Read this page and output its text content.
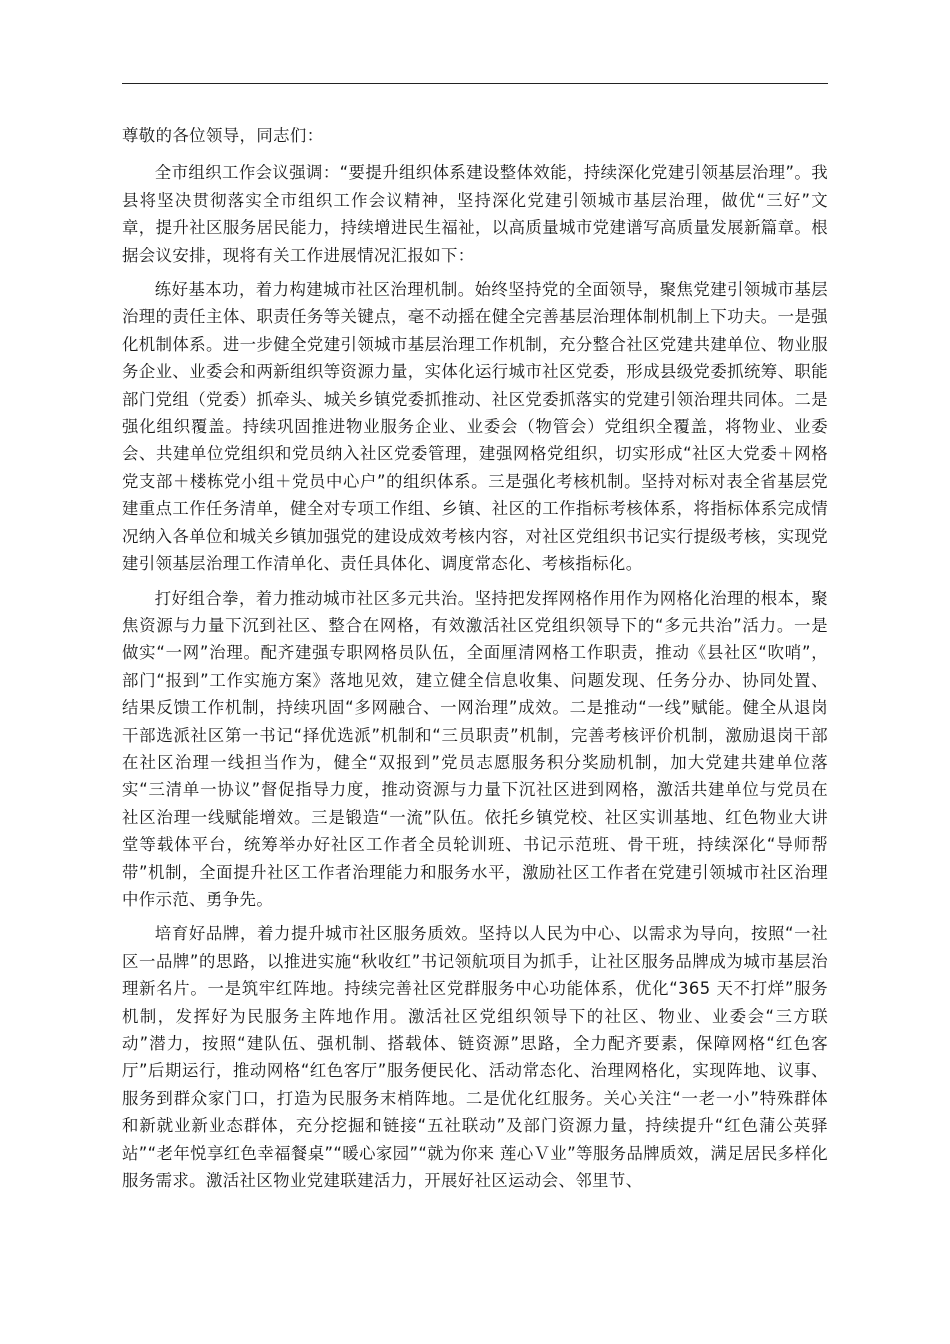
尊敬的各位领导，同志们：

全市组织工作会议强调：“要提升组织体系建设整体效能，持续深化党建引领基层治理”。我县将坚决贯彻落实全市组织工作会议精神，坚持深化党建引领城市基层治理，做优“三好”文章，提升社区服务居民能力，持续增进民生福祉，以高质量城市党建谱写高质量发展新篇章。根据会议安排，现将有关工作进展情况汇报如下：

练好基本功，着力构建城市社区治理机制。始终坚持党的全面领导，聚焦党建引领城市基层治理的责任主体、职责任务等关键点，毫不动摇在健全完善基层治理体制机制上下功夫。一是强化机制体系。进一步健全党建引领城市基层治理工作机制，充分整合社区党建共建单位、物业服务企业、业委会和两新组织等资源力量，实体化运行城市社区党委，形成县级党委抓统筹、职能部门党组（党委）抓牵头、城关乡镇党委抓推动、社区党委抓落实的党建引领治理共同体。二是强化组织覆盖。持续巩固推进物业服务企业、业委会（物管会）党组织全覆盖，将物业、业委会、共建单位党组织和党员纳入社区党委管理，建强网格党组织，切实形成“社区大党委＋网格党支部＋楼栋党小组＋党员中心户”的组织体系。三是强化考核机制。坚持对标对表全省基层党建重点工作任务清单，健全对专项工作组、乡镇、社区的工作指标考核体系，将指标体系完成情况纳入各单位和城关乡镇加强党的建设成效考核内容，对社区党组织书记实行提级考核，实现党建引领基层治理工作清单化、责任具体化、调度常态化、考核指标化。

打好组合拳，着力推动城市社区多元共治。坚持把发挥网格作用作为网格化治理的根本，聚焦资源与力量下沉到社区、整合在网格，有效激活社区党组织领导下的“多元共治”活力。一是做实“一网”治理。配齐建强专职网格员队伍，全面厘清网格工作职责，推动《县社区“吹哨”，部门“报到”工作实施方案》落地见效，建立健全信息收集、问题发现、任务分办、协同处置、结果反馈工作机制，持续巩固“多网融合、一网治理”成效。二是推动“一线”赋能。健全从退岗干部选派社区第一书记“择优选派”机制和“三员职责”机制，完善考核评价机制，激励退岗干部在社区治理一线担当作为，健全“双报到”党员志愿服务积分奖励机制，加大党建共建单位落实“三清单一协议”督促指导力度，推动资源与力量下沉社区进到网格，激活共建单位与党员在社区治理一线赋能增效。三是锻造“一流”队伍。依托乡镇党校、社区实训基地、红色物业大讲堂等载体平台，统筹举办好社区工作者全员轮训班、书记示范班、骨干班，持续深化“导师帮带”机制，全面提升社区工作者治理能力和服务水平，激励社区工作者在党建引领城市社区治理中作示范、勇争先。

培育好品牌，着力提升城市社区服务质效。坚持以人民为中心、以需求为导向，按照“一社区一品牌”的思路，以推进实施“秋收红”书记领航项目为抓手，让社区服务品牌成为城市基层治理新名片。一是筑牢红阵地。持续完善社区党群服务中心功能体系，优化“365 天不打烊”服务机制，发挥好为民服务主阵地作用。激活社区党组织领导下的社区、物业、业委会“三方联动”潜力，按照“建队伍、强机制、搭载体、链资源”思路，全力配齐要素，保障网格“红色客厅”后期运行，推动网格“红色客厅”服务便民化、活动常态化、治理网格化，实现阵地、议事、服务到群众家门口，打造为民服务末梢阵地。二是优化红服务。关心关注“一老一小”特殊群体和新就业新业态群体，充分挖掘和链接“五社联动”及部门资源力量，持续提升“红色蒲公英驿站”“老年悦享红色幸福餐桌”“暖心家园”“就为你来 莲心Ｖ业”等服务品牌质效，满足居民多样化服务需求。激活社区物业党建联建活力，开展好社区运动会、邻里节、
